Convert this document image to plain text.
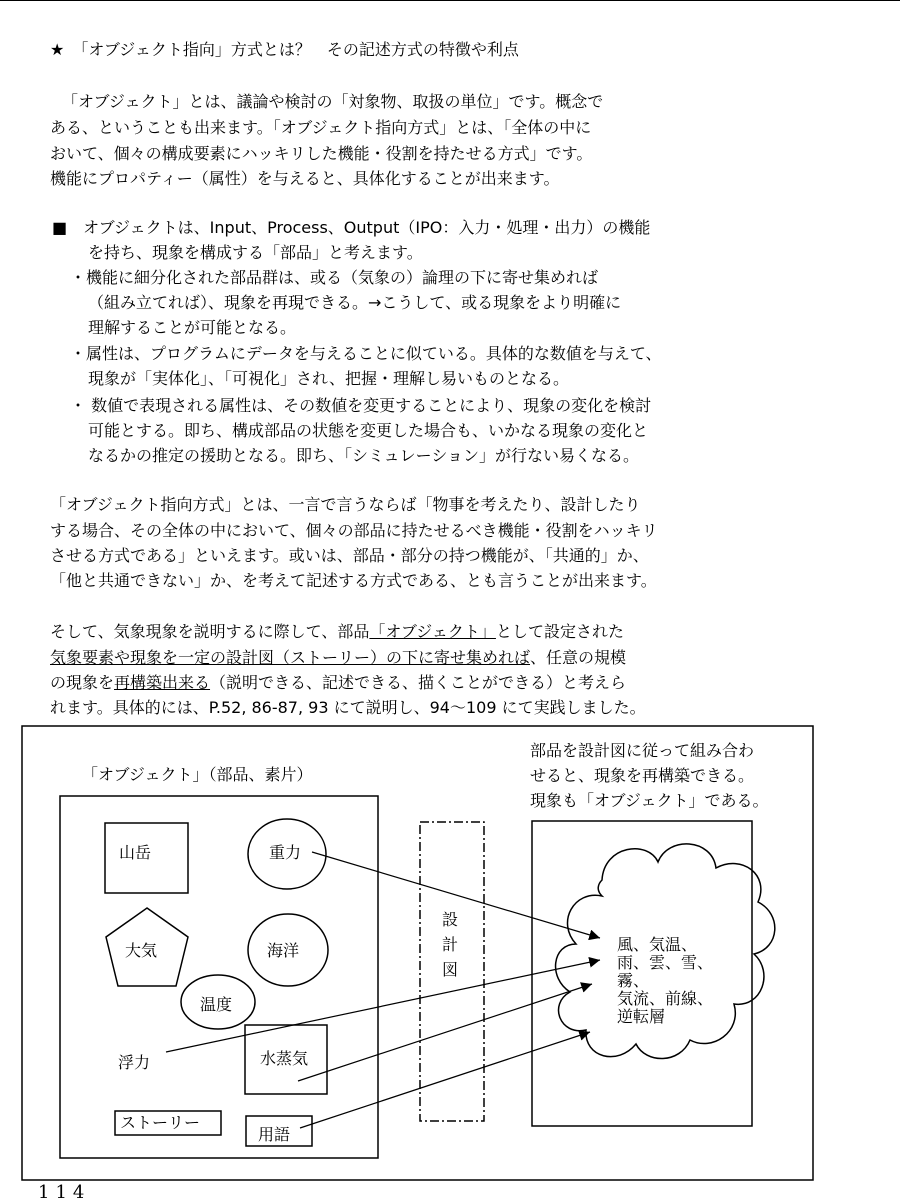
★　「オブジェクト指向」方式とは？　その記述方式の特徴や利点
「オブジェクト」とは、議論や検討の「対象物、取扱の単位」です。概念で
ある、ということも出来ます。「オブジェクト指向方式」とは、「全体の中に
おいて、個々の構成要素にハッキリした機能・役割を持たせる方式」です。
機能にプロパティー（属性）を与えると、具体化することが出来ます。
■　オブジェクトは、Input、Process、Output（IPO：入力・処理・出力）の機能
を持ち、現象を構成する「部品」と考えます。
・機能に細分化された部品群は、或る（気象の）論理の下に寄せ集めれば
（組み立てれば）、現象を再現できる。→こうして、或る現象をより明確に
理解することが可能となる。
・属性は、プログラムにデータを与えることに似ている。具体的な数値を与えて、
現象が「実体化」、「可視化」され、把握・理解し易いものとなる。
・ 数値で表現される属性は、その数値を変更することにより、現象の変化を検討
可能とする。即ち、構成部品の状態を変更した場合も、いかなる現象の変化と
なるかの推定の援助となる。即ち、「シミュレーション」が行ない易くなる。
「オブジェクト指向方式」とは、一言で言うならば「物事を考えたり、設計したり
する場合、その全体の中において、個々の部品に持たせるべき機能・役割をハッキリ
させる方式である」といえます。或いは、部品・部分の持つ機能が、「共通的」か、
「他と共通できない」か、を考えて記述する方式である、とも言うことが出来ます。
そして、気象現象を説明するに際して、部品「オブジェクト」として設定された
気象要素や現象を一定の設計図（ストーリー）の下に寄せ集めれば、任意の規模
の現象を再構築出来る（説明できる、記述できる、描くことができる）と考えら
れます。具体的には、P.52, 86-87, 93 にて説明し、94～109 にて実践しました。
「オブジェクト」（部品、素片）
部品を設計図に従って組み合わ
せると、現象を再構築できる。
現象も「オブジェクト」である。
山岳	重力
大気	海洋
温度
浮力	水蒸気
ストーリー
用語
設
計
図
風、気温、
雨、雲、雪、
霧、
気流、前線、
逆転層
114
